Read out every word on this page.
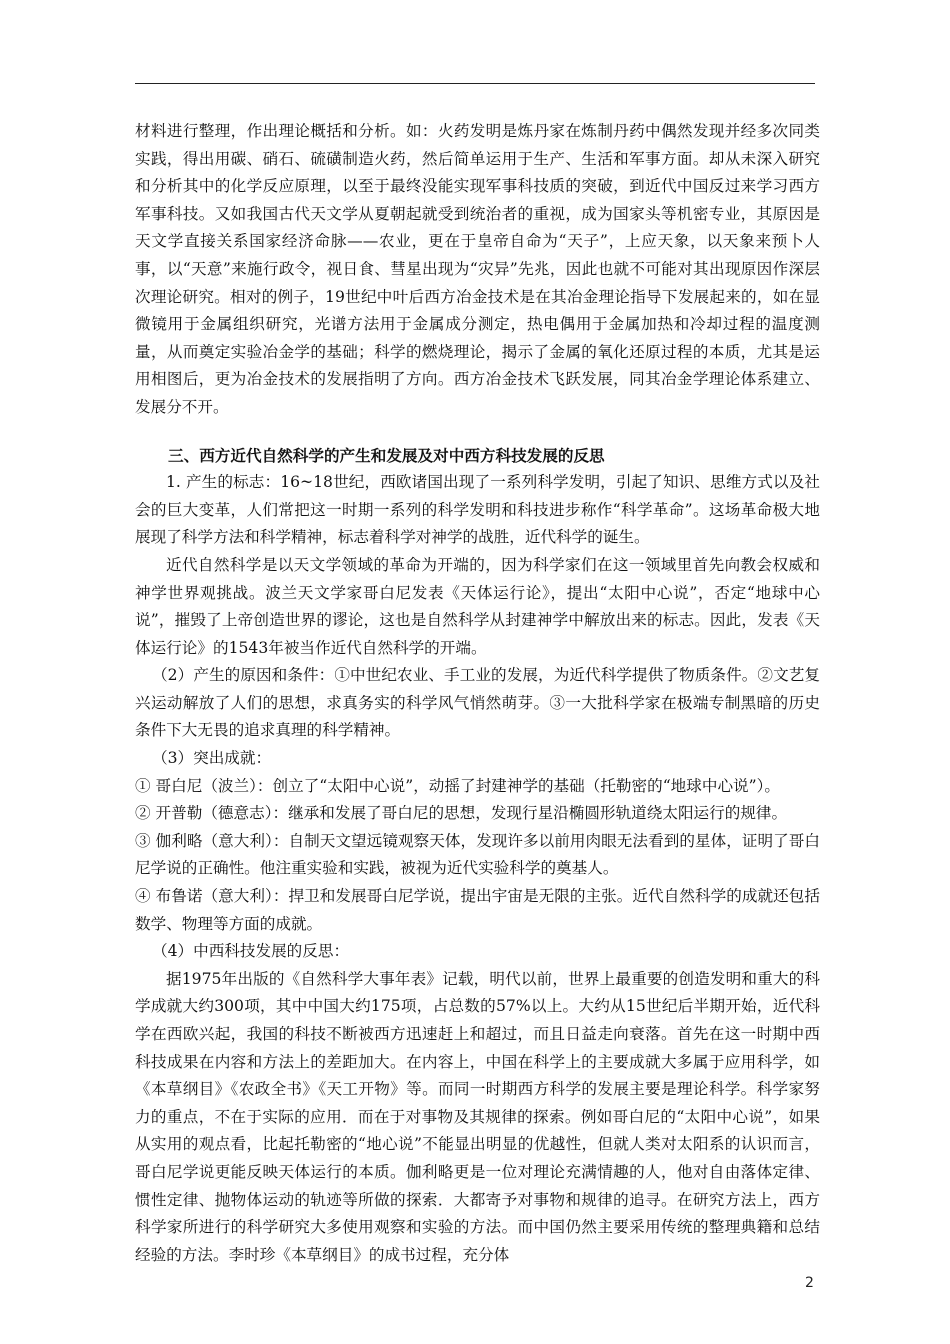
材料进行整理，作出理论概括和分析。如：火药发明是炼丹家在炼制丹药中偶然发现并经多次同类实践，得出用碳、硝石、硫磺制造火药，然后简单运用于生产、生活和军事方面。却从未深入研究和分析其中的化学反应原理，以至于最终没能实现军事科技质的突破，到近代中国反过来学习西方军事科技。又如我国古代天文学从夏朝起就受到统治者的重视，成为国家头等机密专业，其原因是天文学直接关系国家经济命脉——农业，更在于皇帝自命为“天子”，上应天象，以天象来预卜人事，以“天意”来施行政令，视日食、彗星出现为“灾异”先兆，因此也就不可能对其出现原因作深层次理论研究。相对的例子，19世纪中叶后西方冶金技术是在其冶金理论指导下发展起来的，如在显微镜用于金属组织研究，光谱方法用于金属成分测定，热电偶用于金属加热和冷却过程的温度测量，从而奠定实验冶金学的基础；科学的燃烧理论，揭示了金属的氧化还原过程的本质，尤其是运用相图后，更为冶金技术的发展指明了方向。西方冶金技术飞跃发展，同其冶金学理论体系建立、发展分不开。

三、西方近代自然科学的产生和发展及对中西方科技发展的反思

1. 产生的标志：16~18世纪，西欧诸国出现了一系列科学发明，引起了知识、思维方式以及社会的巨大变革，人们常把这一时期一系列的科学发明和科技进步称作“科学革命”。这场革命极大地展现了科学方法和科学精神，标志着科学对神学的战胜，近代科学的诞生。

近代自然科学是以天文学领域的革命为开端的，因为科学家们在这一领域里首先向教会权威和神学世界观挑战。波兰天文学家哥白尼发表《天体运行论》，提出“太阳中心说”，否定“地球中心说”，摧毁了上帝创造世界的谬论，这也是自然科学从封建神学中解放出来的标志。因此，发表《天体运行论》的1543年被当作近代自然科学的开端。

（2）产生的原因和条件：①中世纪农业、手工业的发展，为近代科学提供了物质条件。②文艺复兴运动解放了人们的思想，求真务实的科学风气悄然萌芽。③一大批科学家在极端专制黑暗的历史条件下大无畏的追求真理的科学精神。

（3）突出成就：

① 哥白尼（波兰）：创立了“太阳中心说”，动摇了封建神学的基础（托勒密的“地球中心说”）。

② 开普勒（德意志）：继承和发展了哥白尼的思想，发现行星沿椭圆形轨道绕太阳运行的规律。

③ 伽利略（意大利）：自制天文望远镜观察天体，发现许多以前用肉眼无法看到的星体，证明了哥白尼学说的正确性。他注重实验和实践，被视为近代实验科学的奠基人。

④ 布鲁诺（意大利）：捍卫和发展哥白尼学说，提出宇宙是无限的主张。近代自然科学的成就还包括数学、物理等方面的成就。

（4）中西科技发展的反思：

据1975年出版的《自然科学大事年表》记载，明代以前，世界上最重要的创造发明和重大的科学成就大约300项，其中中国大约175项，占总数的57%以上。大约从15世纪后半期开始，近代科学在西欧兴起，我国的科技不断被西方迅速赶上和超过，而且日益走向衰落。首先在这一时期中西科技成果在内容和方法上的差距加大。在内容上，中国在科学上的主要成就大多属于应用科学，如《本草纲目》《农政全书》《天工开物》等。而同一时期西方科学的发展主要是理论科学。科学家努力的重点，不在于实际的应用．而在于对事物及其规律的探索。例如哥白尼的“太阳中心说”，如果从实用的观点看，比起托勒密的“地心说”不能显出明显的优越性，但就人类对太阳系的认识而言，哥白尼学说更能反映天体运行的本质。伽利略更是一位对理论充满情趣的人，他对自由落体定律、惯性定律、抛物体运动的轨迹等所做的探索．大都寄予对事物和规律的追寻。在研究方法上，西方科学家所进行的科学研究大多使用观察和实验的方法。而中国仍然主要采用传统的整理典籍和总结经验的方法。李时珍《本草纲目》的成书过程，充分体

2
